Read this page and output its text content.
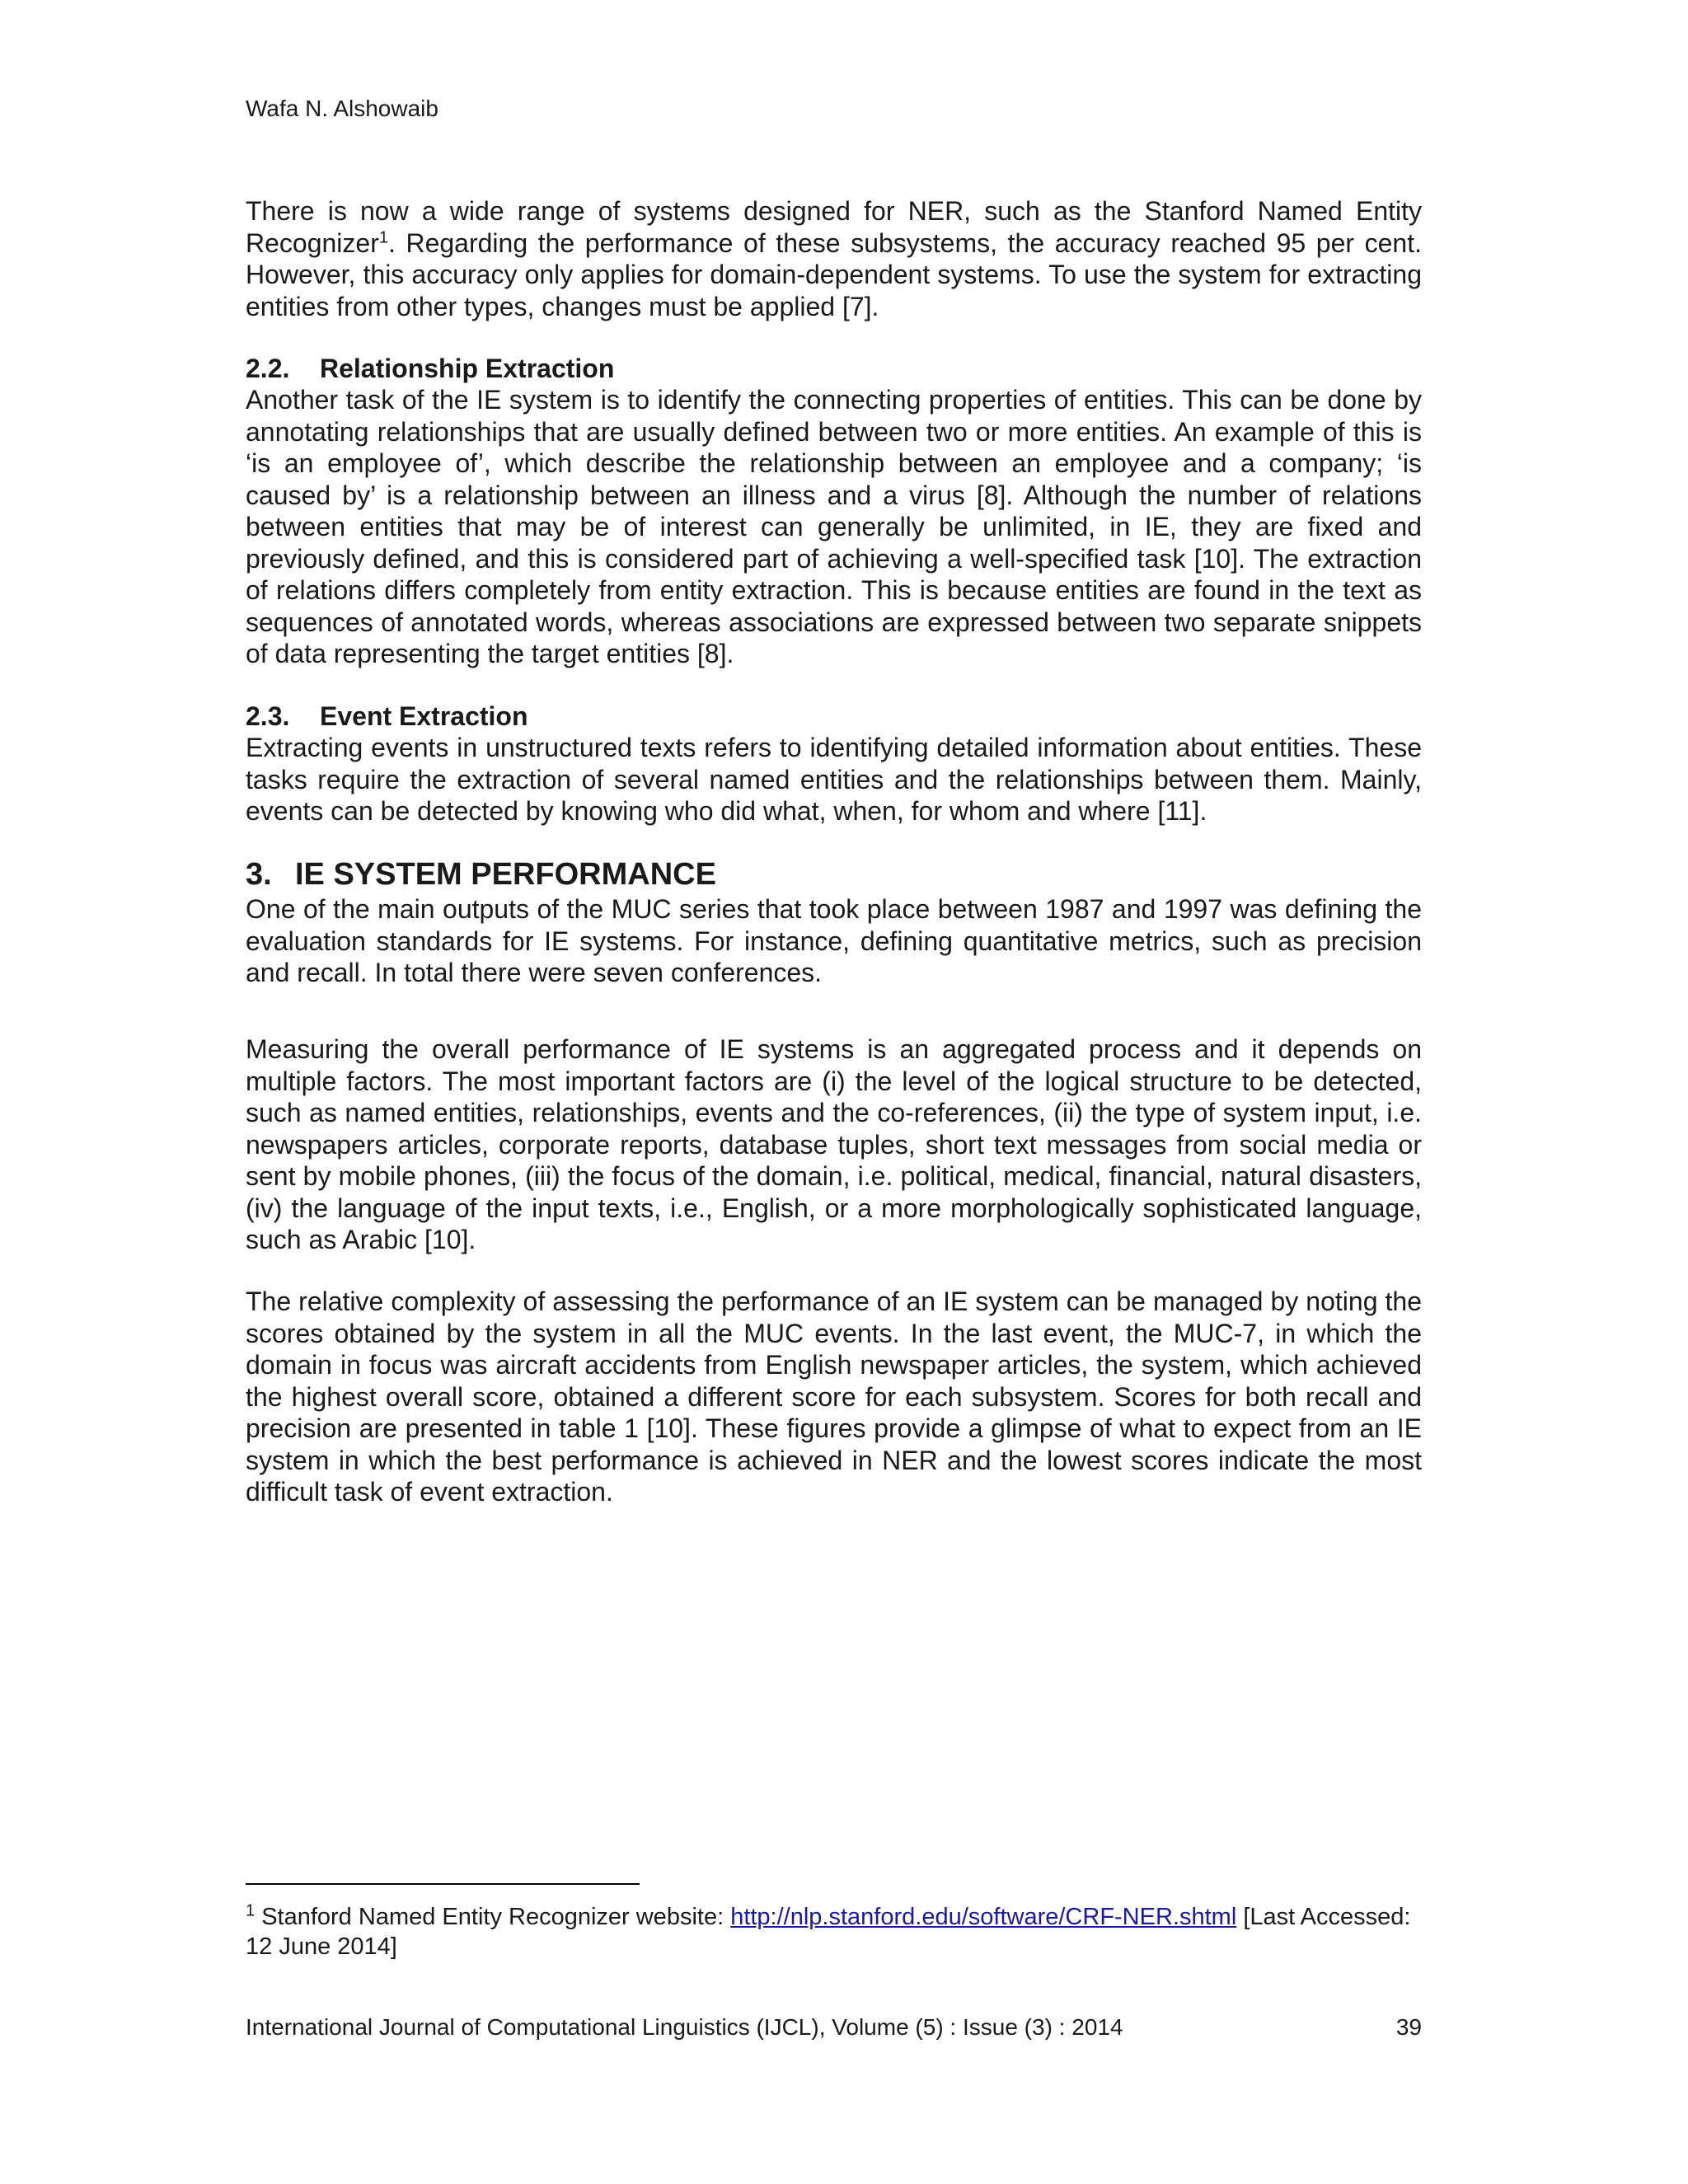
Wafa N. Alshowaib

There is now a wide range of systems designed for NER, such as the Stanford Named Entity Recognizer$^1$. Regarding the performance of these subsystems, the accuracy reached 95 per cent. However, this accuracy only applies for domain-dependent systems. To use the system for extracting entities from other types, changes must be applied [7].

2.2. Relationship Extraction

Another task of the IE system is to identify the connecting properties of entities. This can be done by annotating relationships that are usually defined between two or more entities. An example of this is ‘is an employee of’, which describe the relationship between an employee and a company; ‘is caused by’ is a relationship between an illness and a virus [8]. Although the number of relations between entities that may be of interest can generally be unlimited, in IE, they are fixed and previously defined, and this is considered part of achieving a well-specified task [10]. The extraction of relations differs completely from entity extraction. This is because entities are found in the text as sequences of annotated words, whereas associations are expressed between two separate snippets of data representing the target entities [8].

2.3. Event Extraction

Extracting events in unstructured texts refers to identifying detailed information about entities. These tasks require the extraction of several named entities and the relationships between them. Mainly, events can be detected by knowing who did what, when, for whom and where [11].

3. IE SYSTEM PERFORMANCE

One of the main outputs of the MUC series that took place between 1987 and 1997 was defining the evaluation standards for IE systems. For instance, defining quantitative metrics, such as precision and recall. In total there were seven conferences.

Measuring the overall performance of IE systems is an aggregated process and it depends on multiple factors. The most important factors are (i) the level of the logical structure to be detected, such as named entities, relationships, events and the co-references, (ii) the type of system input, i.e. newspapers articles, corporate reports, database tuples, short text messages from social media or sent by mobile phones, (iii) the focus of the domain, i.e. political, medical, financial, natural disasters, (iv) the language of the input texts, i.e., English, or a more morphologically sophisticated language, such as Arabic [10].

The relative complexity of assessing the performance of an IE system can be managed by noting the scores obtained by the system in all the MUC events. In the last event, the MUC-7, in which the domain in focus was aircraft accidents from English newspaper articles, the system, which achieved the highest overall score, obtained a different score for each subsystem. Scores for both recall and precision are presented in table 1 [10]. These figures provide a glimpse of what to expect from an IE system in which the best performance is achieved in NER and the lowest scores indicate the most difficult task of event extraction.

$^1$ Stanford Named Entity Recognizer website: http://nlp.stanford.edu/software/CRF-NER.shtml [Last Accessed: 12 June 2014]
International Journal of Computational Linguistics (IJCL), Volume (5) : Issue (3) : 2014	39
